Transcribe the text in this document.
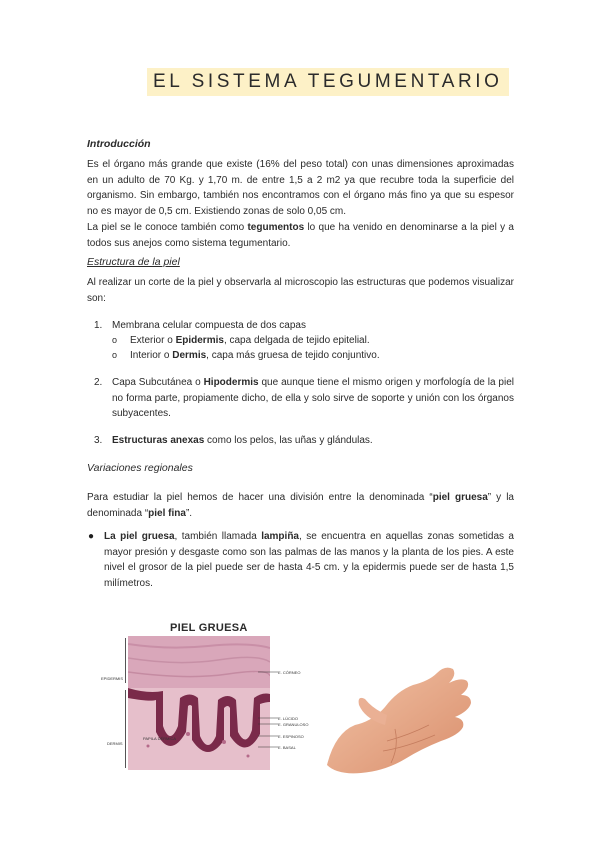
EL SISTEMA TEGUMENTARIO
Introducción
Es el órgano más grande que existe (16% del peso total) con unas dimensiones aproximadas en un adulto de 70 Kg. y 1,70 m. de entre 1,5 a 2 m2 ya que recubre toda la superficie del organismo. Sin embargo, también nos encontramos con el órgano más fino ya que su espesor no es mayor de 0,5 cm. Existiendo zonas de solo 0,05 cm.
La piel se le conoce también como tegumentos lo que ha venido en denominarse a la piel y a todos sus anejos como sistema tegumentario.
Estructura de la piel
Al realizar un corte de la piel y observarla al microscopio las estructuras que podemos visualizar son:
1. Membrana celular compuesta de dos capas
o Exterior o Epidermis, capa delgada de tejido epitelial.
o Interior o Dermis, capa más gruesa de tejido conjuntivo.
2. Capa Subcutánea o Hipodermis que aunque tiene el mismo origen y morfología de la piel no forma parte, propiamente dicho, de ella y solo sirve de soporte y unión con los órganos subyacentes.
3. Estructuras anexas como los pelos, las uñas y glándulas.
Variaciones regionales
Para estudiar la piel hemos de hacer una división entre la denominada “piel gruesa” y la denominada “piel fina”.
● La piel gruesa, también llamada lampiña, se encuentra en aquellas zonas sometidas a mayor presión y desgaste como son las palmas de las manos y la planta de los pies. A este nivel el grosor de la piel puede ser de hasta 4-5 cm. y la epidermis puede ser de hasta 1,5 milímetros.
PIEL GRUESA
EPIDERMIS
DERMIS
E. CÓRNEO
E. LÚCIDO
E. GRANULOSO
E. ESPINOSO
E. BASAL
PAPILA DÉRMICA
